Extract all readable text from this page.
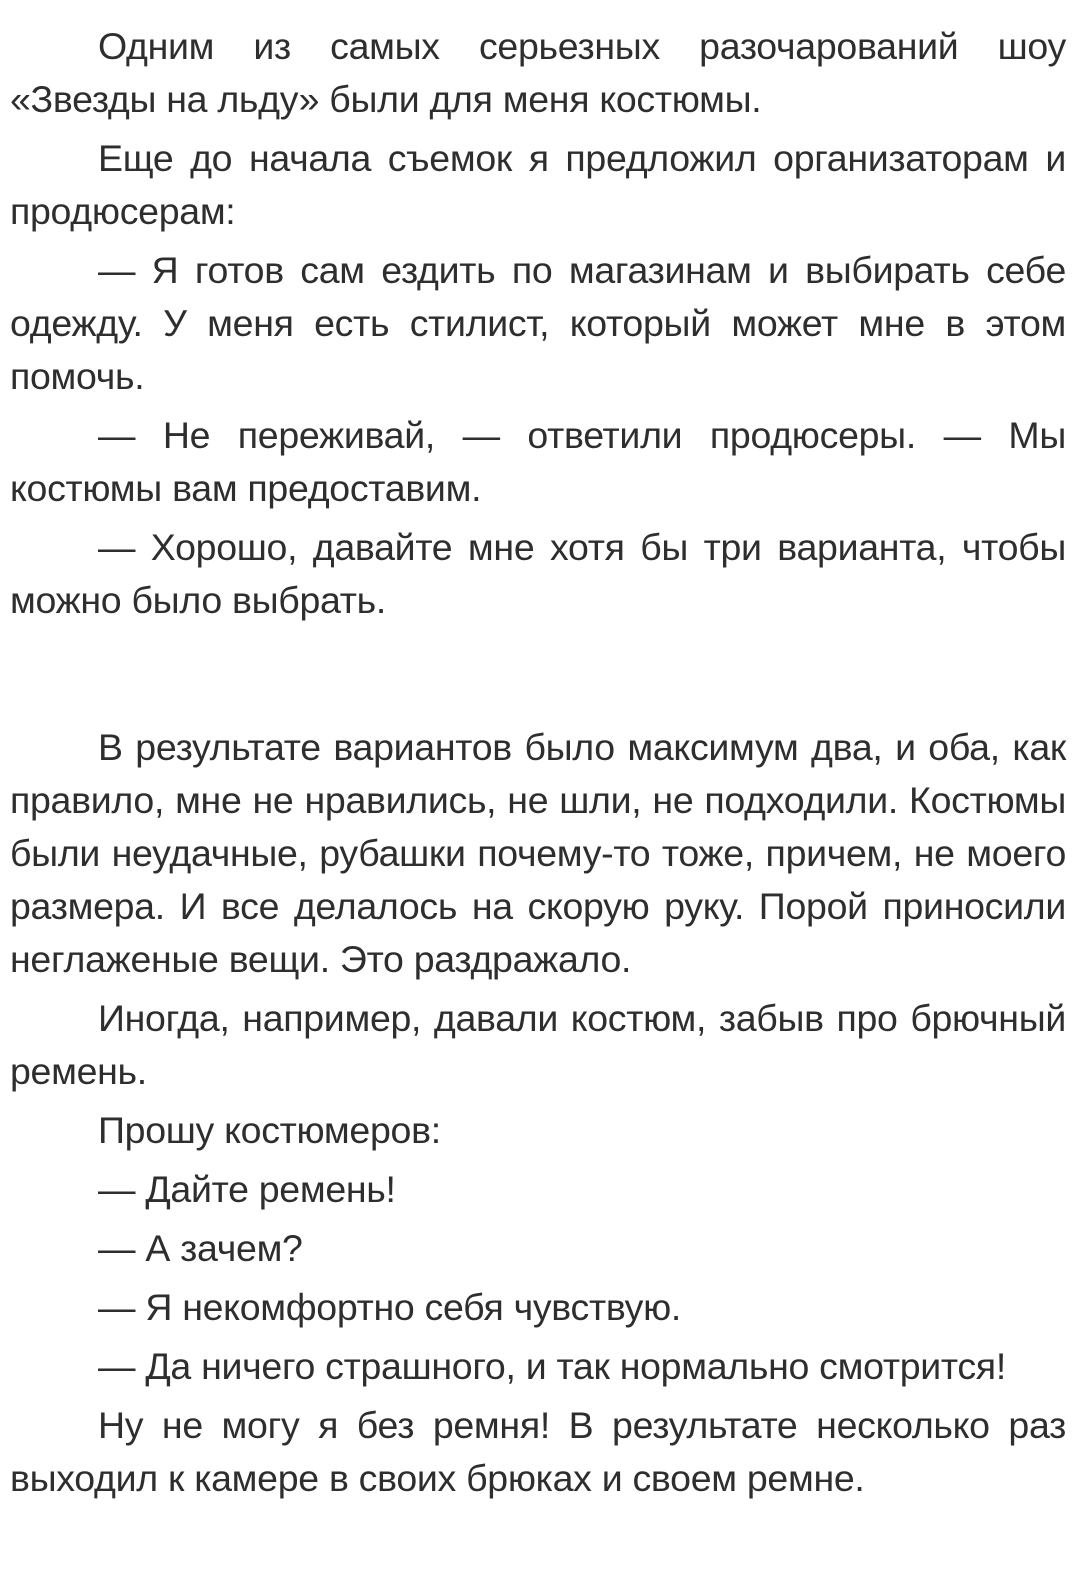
Одним из самых серьезных разочарований шоу «Звезды на льду» были для меня костюмы.

Еще до начала съемок я предложил организаторам и продюсерам:

— Я готов сам ездить по магазинам и выбирать себе одежду. У меня есть стилист, который может мне в этом помочь.

— Не переживай, — ответили продюсеры. — Мы костюмы вам предоставим.

— Хорошо, давайте мне хотя бы три варианта, чтобы можно было выбрать.

В результате вариантов было максимум два, и оба, как правило, мне не нравились, не шли, не подходили. Костюмы были неудачные, рубашки почему-то тоже, причем, не моего размера. И все делалось на скорую руку. Порой приносили неглаженые вещи. Это раздражало.

Иногда, например, давали костюм, забыв про брючный ремень.

Прошу костюмеров:

— Дайте ремень!

— А зачем?

— Я некомфортно себя чувствую.

— Да ничего страшного, и так нормально смотрится!

Ну не могу я без ремня! В результате несколько раз выходил к камере в своих брюках и своем ремне.
